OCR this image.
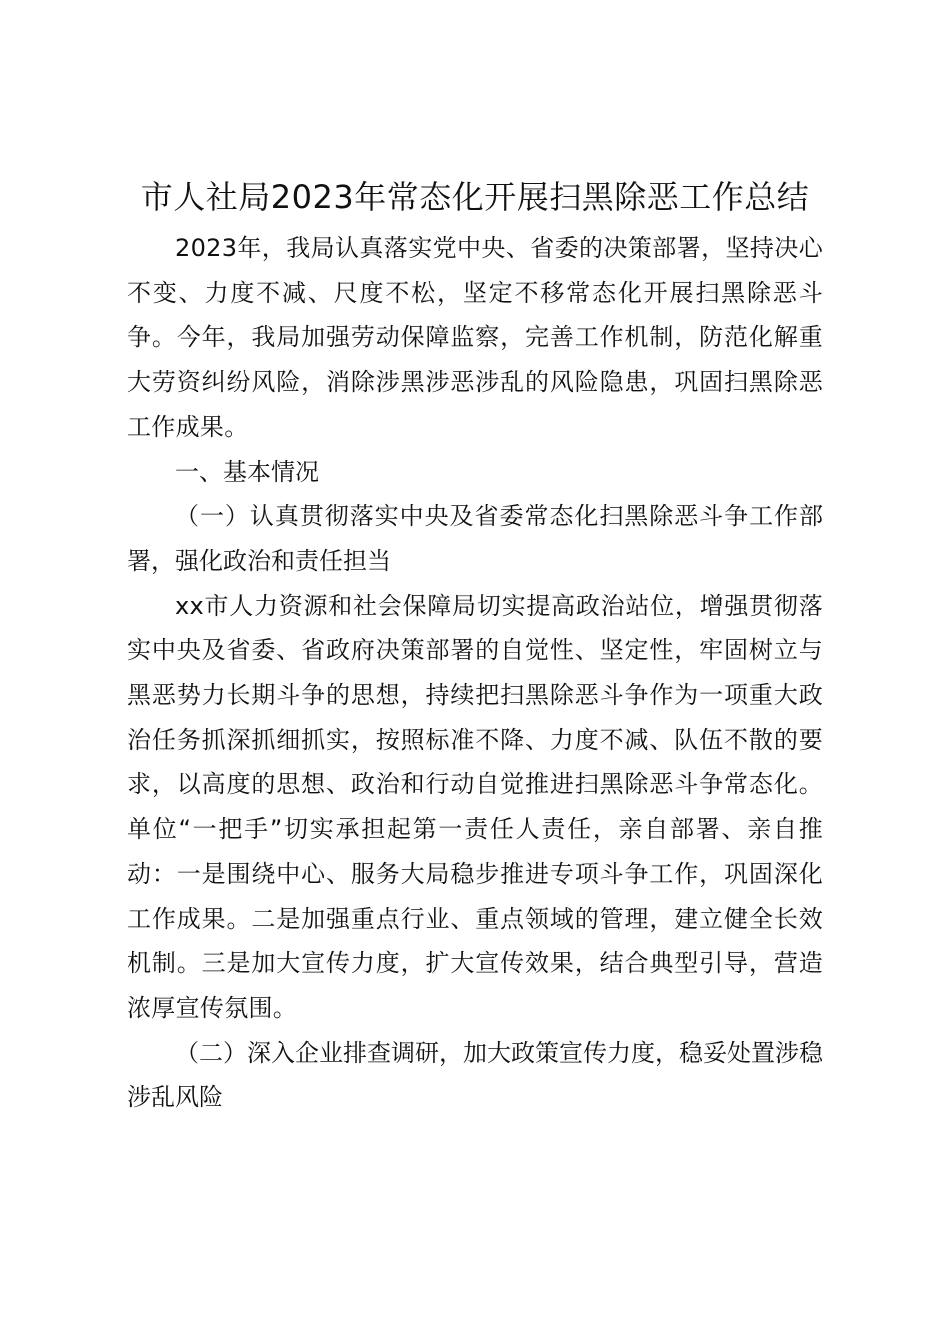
市人社局2023年常态化开展扫黑除恶工作总结

2023年，我局认真落实党中央、省委的决策部署，坚持决心不变、力度不减、尺度不松，坚定不移常态化开展扫黑除恶斗争。今年，我局加强劳动保障监察，完善工作机制，防范化解重大劳资纠纷风险，消除涉黑涉恶涉乱的风险隐患，巩固扫黑除恶工作成果。

一、基本情况

（一）认真贯彻落实中央及省委常态化扫黑除恶斗争工作部署，强化政治和责任担当

xx市人力资源和社会保障局切实提高政治站位，增强贯彻落实中央及省委、省政府决策部署的自觉性、坚定性，牢固树立与黑恶势力长期斗争的思想，持续把扫黑除恶斗争作为一项重大政治任务抓深抓细抓实，按照标准不降、力度不减、队伍不散的要求，以高度的思想、政治和行动自觉推进扫黑除恶斗争常态化。单位“一把手”切实承担起第一责任人责任，亲自部署、亲自推动：一是围绕中心、服务大局稳步推进专项斗争工作，巩固深化工作成果。二是加强重点行业、重点领域的管理，建立健全长效机制。三是加大宣传力度，扩大宣传效果，结合典型引导，营造浓厚宣传氛围。

（二）深入企业排查调研，加大政策宣传力度，稳妥处置涉稳涉乱风险
